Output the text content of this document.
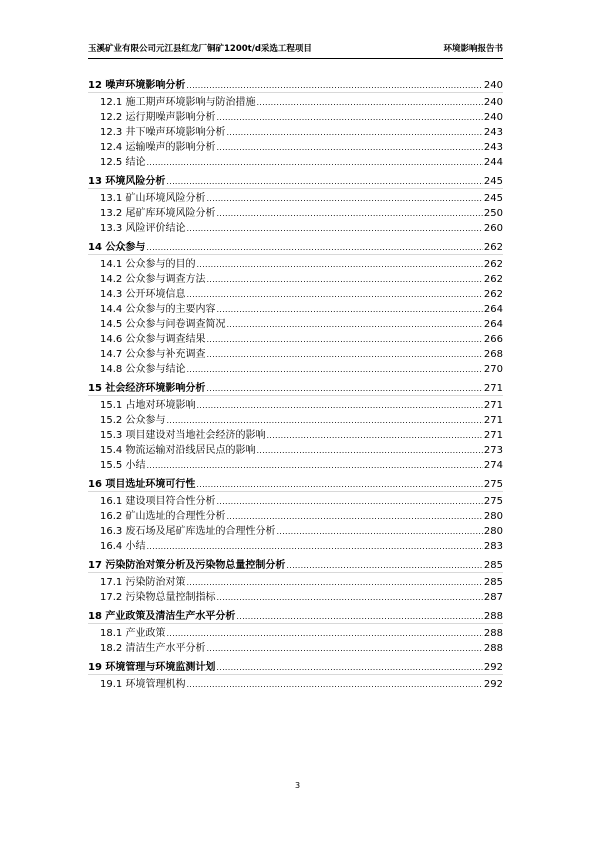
玉溪矿业有限公司元江县红龙厂铜矿1200t/d采选工程项目	环境影响报告书
12 噪声环境影响分析 .....	240
12.1 施工期声环境影响与防治措施 .....	240
12.2 运行期噪声影响分析 .....	240
12.3 井下噪声环境影响分析 .....	243
12.4 运输噪声的影响分析 .....	243
12.5 结论 .....	244
13 环境风险分析 .....	245
13.1 矿山环境风险分析 .....	245
13.2 尾矿库环境风险分析 .....	250
13.3 风险评价结论 .....	260
14 公众参与 .....	262
14.1 公众参与的目的 .....	262
14.2 公众参与调查方法 .....	262
14.3 公开环境信息 .....	262
14.4 公众参与的主要内容 .....	264
14.5 公众参与问卷调查简况 .....	264
14.6 公众参与调查结果 .....	266
14.7 公众参与补充调查 .....	268
14.8 公众参与结论 .....	270
15 社会经济环境影响分析 .....	271
15.1 占地对环境影响 .....	271
15.2 公众参与 .....	271
15.3 项目建设对当地社会经济的影响 .....	271
15.4 物流运输对沿线居民点的影响 .....	273
15.5 小结 .....	274
16 项目选址环境可行性 .....	275
16.1 建设项目符合性分析 .....	275
16.2 矿山选址的合理性分析 .....	280
16.3 废石场及尾矿库选址的合理性分析 .....	280
16.4 小结 .....	283
17 污染防治对策分析及污染物总量控制分析 .....	285
17.1 污染防治对策 .....	285
17.2 污染物总量控制指标 .....	287
18 产业政策及清洁生产水平分析 .....	288
18.1 产业政策 .....	288
18.2 清洁生产水平分析 .....	288
19 环境管理与环境监测计划 .....	292
19.1 环境管理机构 .....	292
3
